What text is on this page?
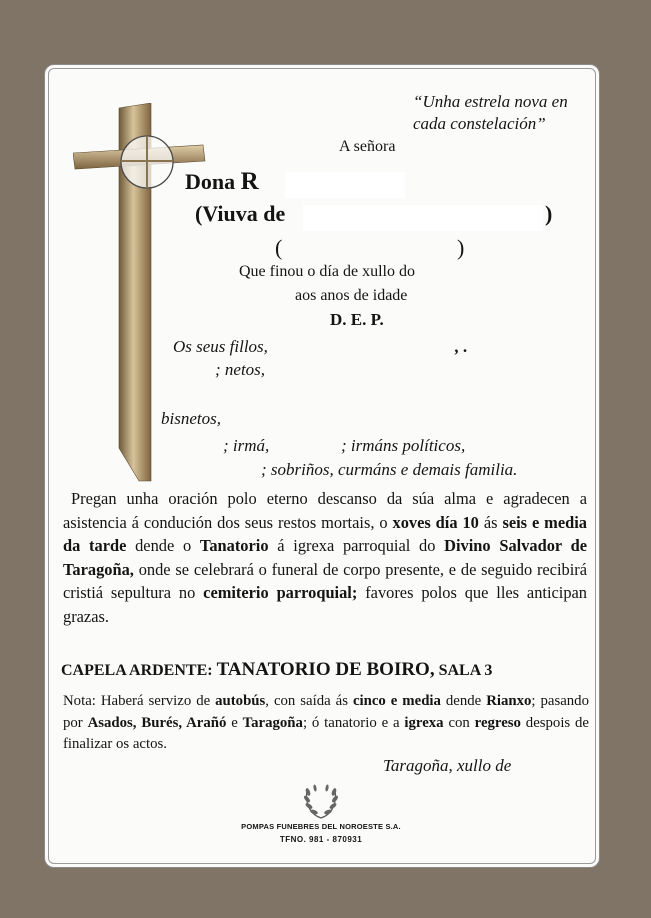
“Unha estrela nova en
cada constelación”
A señora
Dona R
(Viuva de	)
(	)
Que finou o día de xullo do
aos anos de idade
D. E. P.
Os seus fillos,	, .
; netos,
bisnetos,
; irmá,	; irmáns políticos,
; sobriños, curmáns e demais familia.
Pregan unha oración polo eterno descanso da súa alma e agradecen a asistencia á condución dos seus restos mortais, o xoves día 10 ás seis e media da tarde dende o Tanatorio á igrexa parroquial do Divino Salvador de Taragoña, onde se celebrará o funeral de corpo presente, e de seguido recibirá cristiá sepultura no cemiterio parroquial; favores polos que lles anticipan grazas.
CAPELA ARDENTE: TANATORIO DE BOIRO, SALA 3
Nota: Haberá servizo de autobús, con saída ás cinco e media dende Rianxo; pasando por Asados, Burés, Arañó e Taragoña; ó tanatorio e a igrexa con regreso despois de finalizar os actos.
Taragoña, xullo de
POMPAS FUNEBRES DEL NOROESTE S.A.
TFNO. 981 - 870931
